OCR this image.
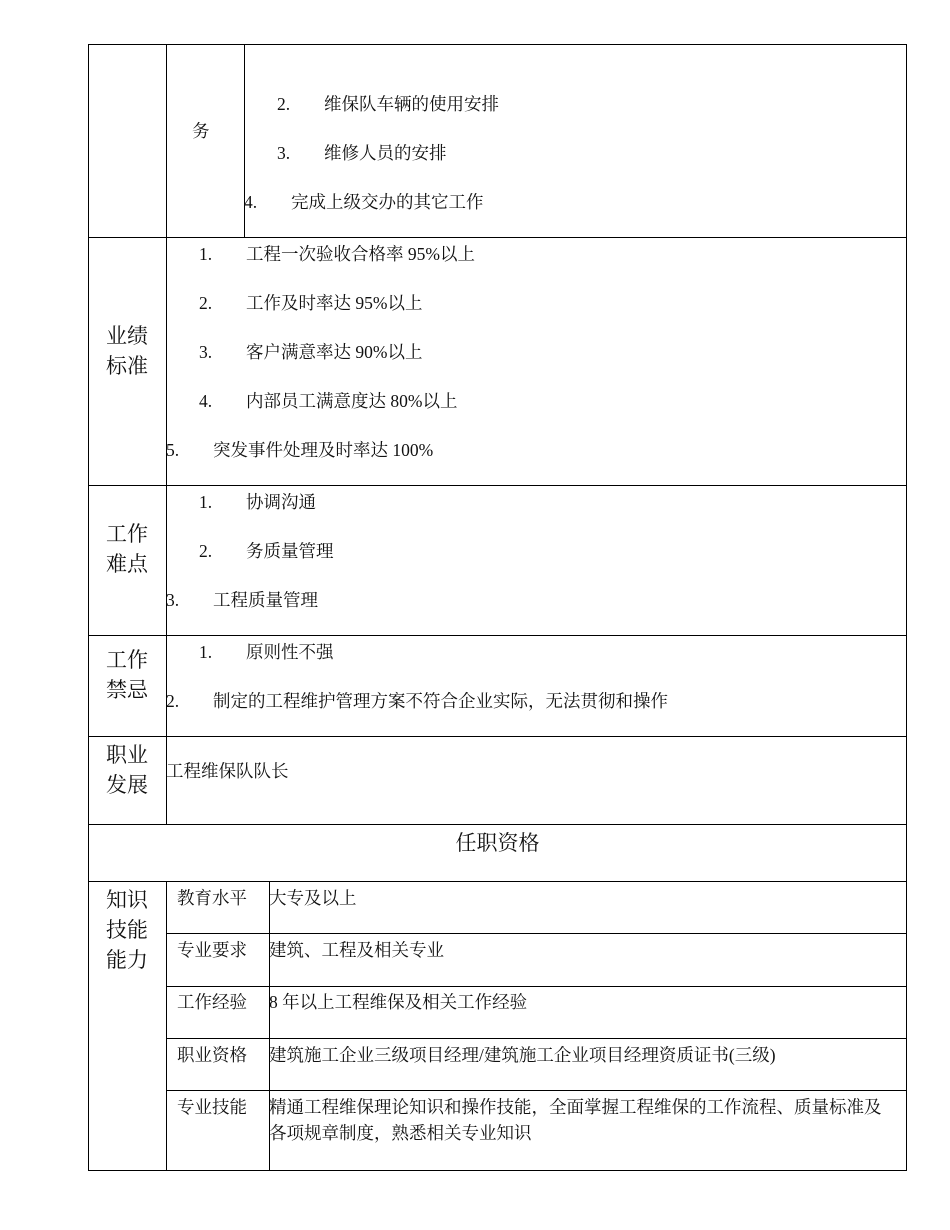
务
2. 维保队车辆的使用安排
3. 维修人员的安排
4. 完成上级交办的其它工作
业绩
标准
1. 工程一次验收合格率 95%以上
2. 工作及时率达 95%以上
3. 客户满意率达 90%以上
4. 内部员工满意度达 80%以上
5. 突发事件处理及时率达 100%
工作
难点
1. 协调沟通
2. 务质量管理
3. 工程质量管理
工作
禁忌
1. 原则性不强
2. 制定的工程维护管理方案不符合企业实际，无法贯彻和操作
职业
发展
工程维保队队长
任职资格
知识
技能
能力
教育水平 大专及以上
专业要求 建筑、工程及相关专业
工作经验 8 年以上工程维保及相关工作经验
职业资格 建筑施工企业三级项目经理/建筑施工企业项目经理资质证书(三级)
专业技能 精通工程维保理论知识和操作技能，全面掌握工程维保的工作流程、质量标准及各项规章制度，熟悉相关专业知识
